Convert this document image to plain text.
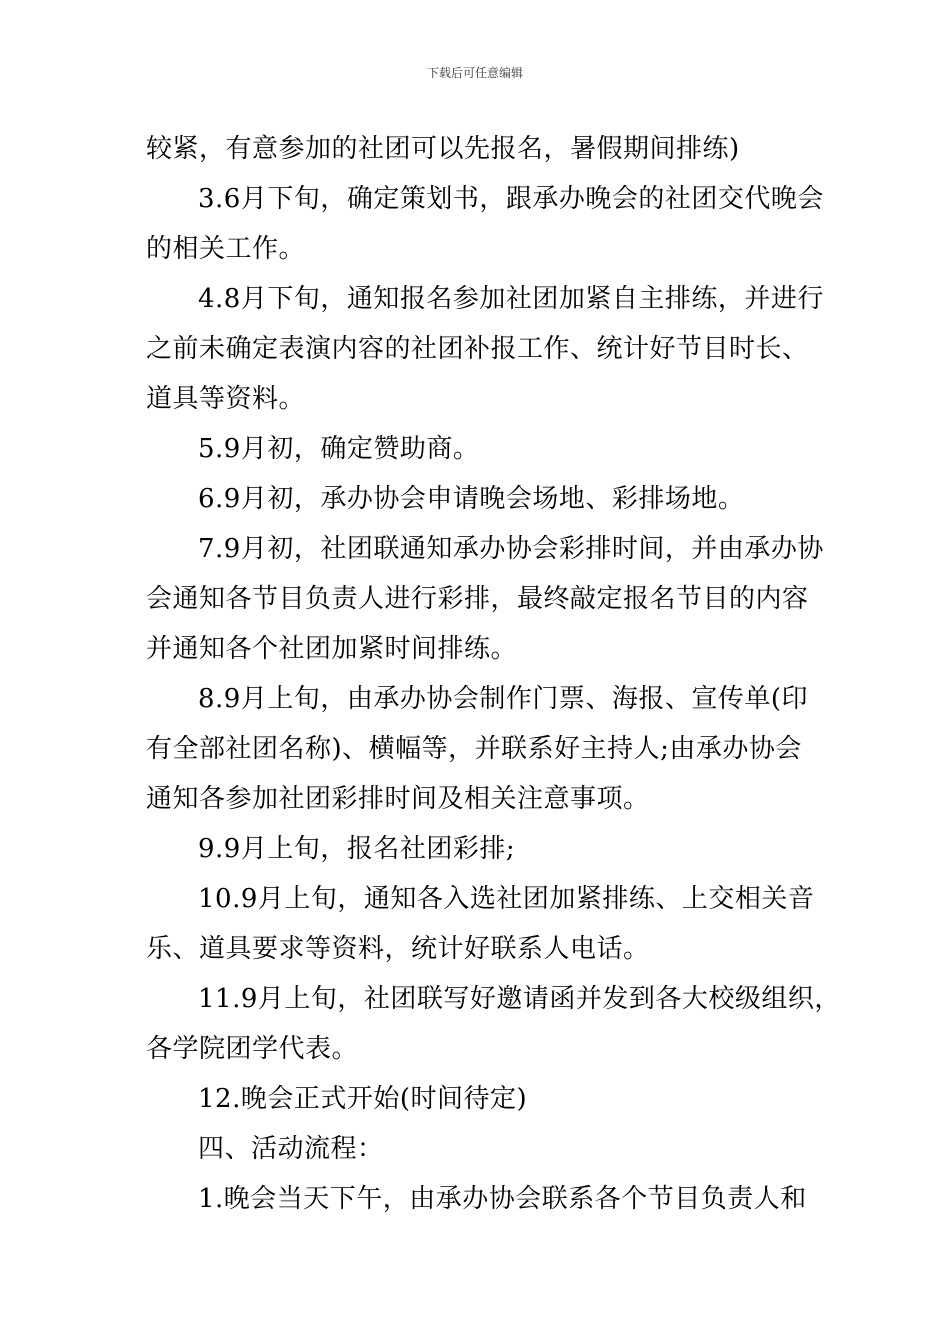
下载后可任意编辑
较紧，有意参加的社团可以先报名，暑假期间排练)
3.6月下旬，确定策划书，跟承办晚会的社团交代晚会
的相关工作。
4.8月下旬，通知报名参加社团加紧自主排练，并进行
之前未确定表演内容的社团补报工作、统计好节目时长、
道具等资料。
5.9月初，确定赞助商。
6.9月初，承办协会申请晚会场地、彩排场地。
7.9月初，社团联通知承办协会彩排时间，并由承办协
会通知各节目负责人进行彩排，最终敲定报名节目的内容
并通知各个社团加紧时间排练。
8.9月上旬，由承办协会制作门票、海报、宣传单(印
有全部社团名称)、横幅等，并联系好主持人;由承办协会
通知各参加社团彩排时间及相关注意事项。
9.9月上旬，报名社团彩排;
10.9月上旬，通知各入选社团加紧排练、上交相关音
乐、道具要求等资料，统计好联系人电话。
11.9月上旬，社团联写好邀请函并发到各大校级组织，
各学院团学代表。
12.晚会正式开始(时间待定)
四、活动流程：
1.晚会当天下午，由承办协会联系各个节目负责人和
